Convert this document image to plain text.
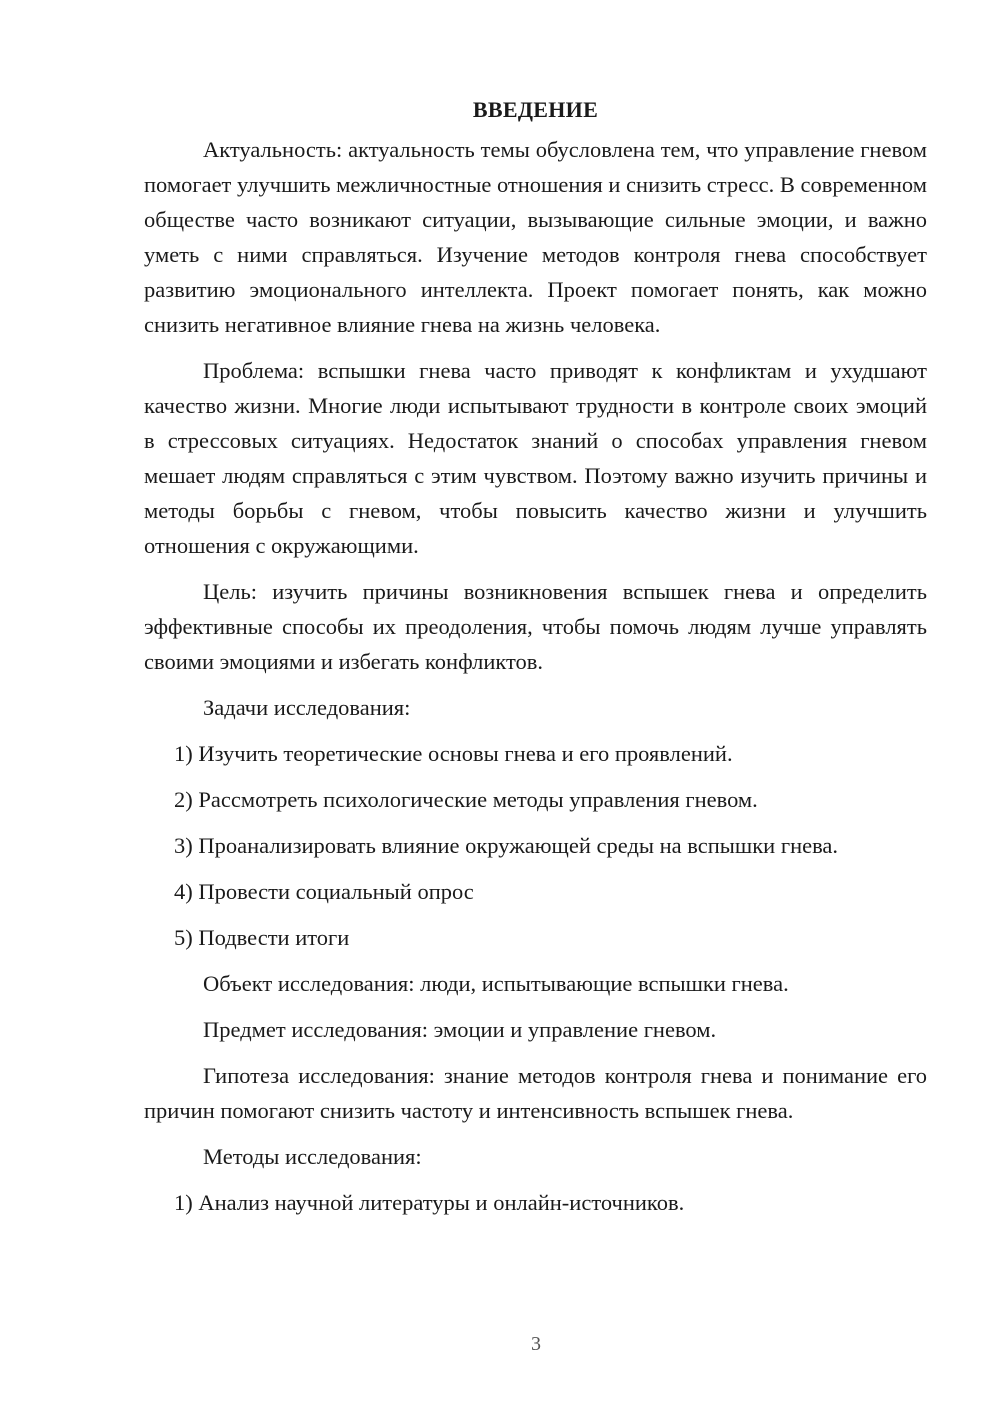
ВВЕДЕНИЕ

Актуальность: актуальность темы обусловлена тем, что управление гневом помогает улучшить межличностные отношения и снизить стресс. В современном обществе часто возникают ситуации, вызывающие сильные эмоции, и важно уметь с ними справляться. Изучение методов контроля гнева способствует развитию эмоционального интеллекта. Проект помогает понять, как можно снизить негативное влияние гнева на жизнь человека.

Проблема: вспышки гнева часто приводят к конфликтам и ухудшают качество жизни. Многие люди испытывают трудности в контроле своих эмоций в стрессовых ситуациях. Недостаток знаний о способах управления гневом мешает людям справляться с этим чувством. Поэтому важно изучить причины и методы борьбы с гневом, чтобы повысить качество жизни и улучшить отношения с окружающими.

Цель: изучить причины возникновения вспышек гнева и определить эффективные способы их преодоления, чтобы помочь людям лучше управлять своими эмоциями и избегать конфликтов.

Задачи исследования:
1) Изучить теоретические основы гнева и его проявлений.
2) Рассмотреть психологические методы управления гневом.
3) Проанализировать влияние окружающей среды на вспышки гнева.
4) Провести социальный опрос
5) Подвести итоги
Объект исследования: люди, испытывающие вспышки гнева.
Предмет исследования: эмоции и управление гневом.

Гипотеза исследования: знание методов контроля гнева и понимание его причин помогают снизить частоту и интенсивность вспышек гнева.

Методы исследования:
1) Анализ научной литературы и онлайн-источников.
3
